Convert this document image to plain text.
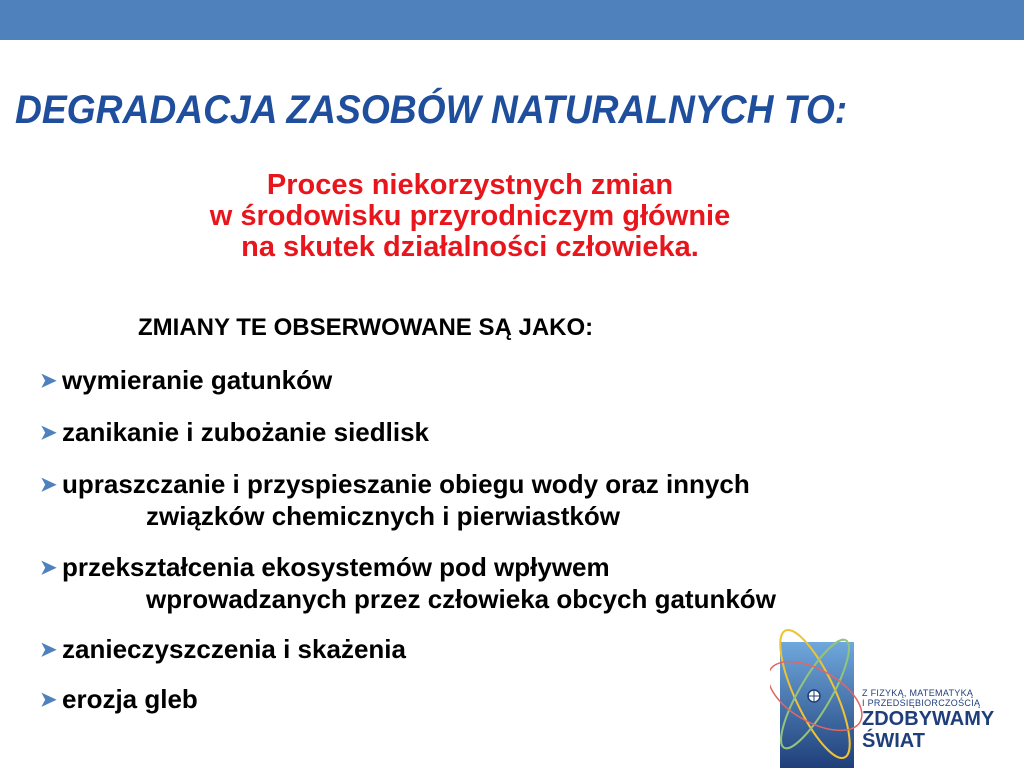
DEGRADACJA ZASOBÓW NATURALNYCH TO:
Proces niekorzystnych zmian
w środowisku przyrodniczym głównie
na skutek działalności człowieka.
ZMIANY TE OBSERWOWANE SĄ JAKO:
➤ wymieranie gatunków
➤ zanikanie i zubożanie siedlisk
➤ upraszczanie i przyspieszanie obiegu wody oraz innych
związków chemicznych i pierwiastków
➤ przekształcenia ekosystemów pod wpływem
wprowadzanych przez człowieka obcych gatunków
➤ zanieczyszczenia i skażenia
➤ erozja gleb	Z FIZYKĄ, MATEMATYKĄ
I PRZEDSIĘBIORCZOŚCIĄ
ZDOBYWAMY
ŚWIAT
